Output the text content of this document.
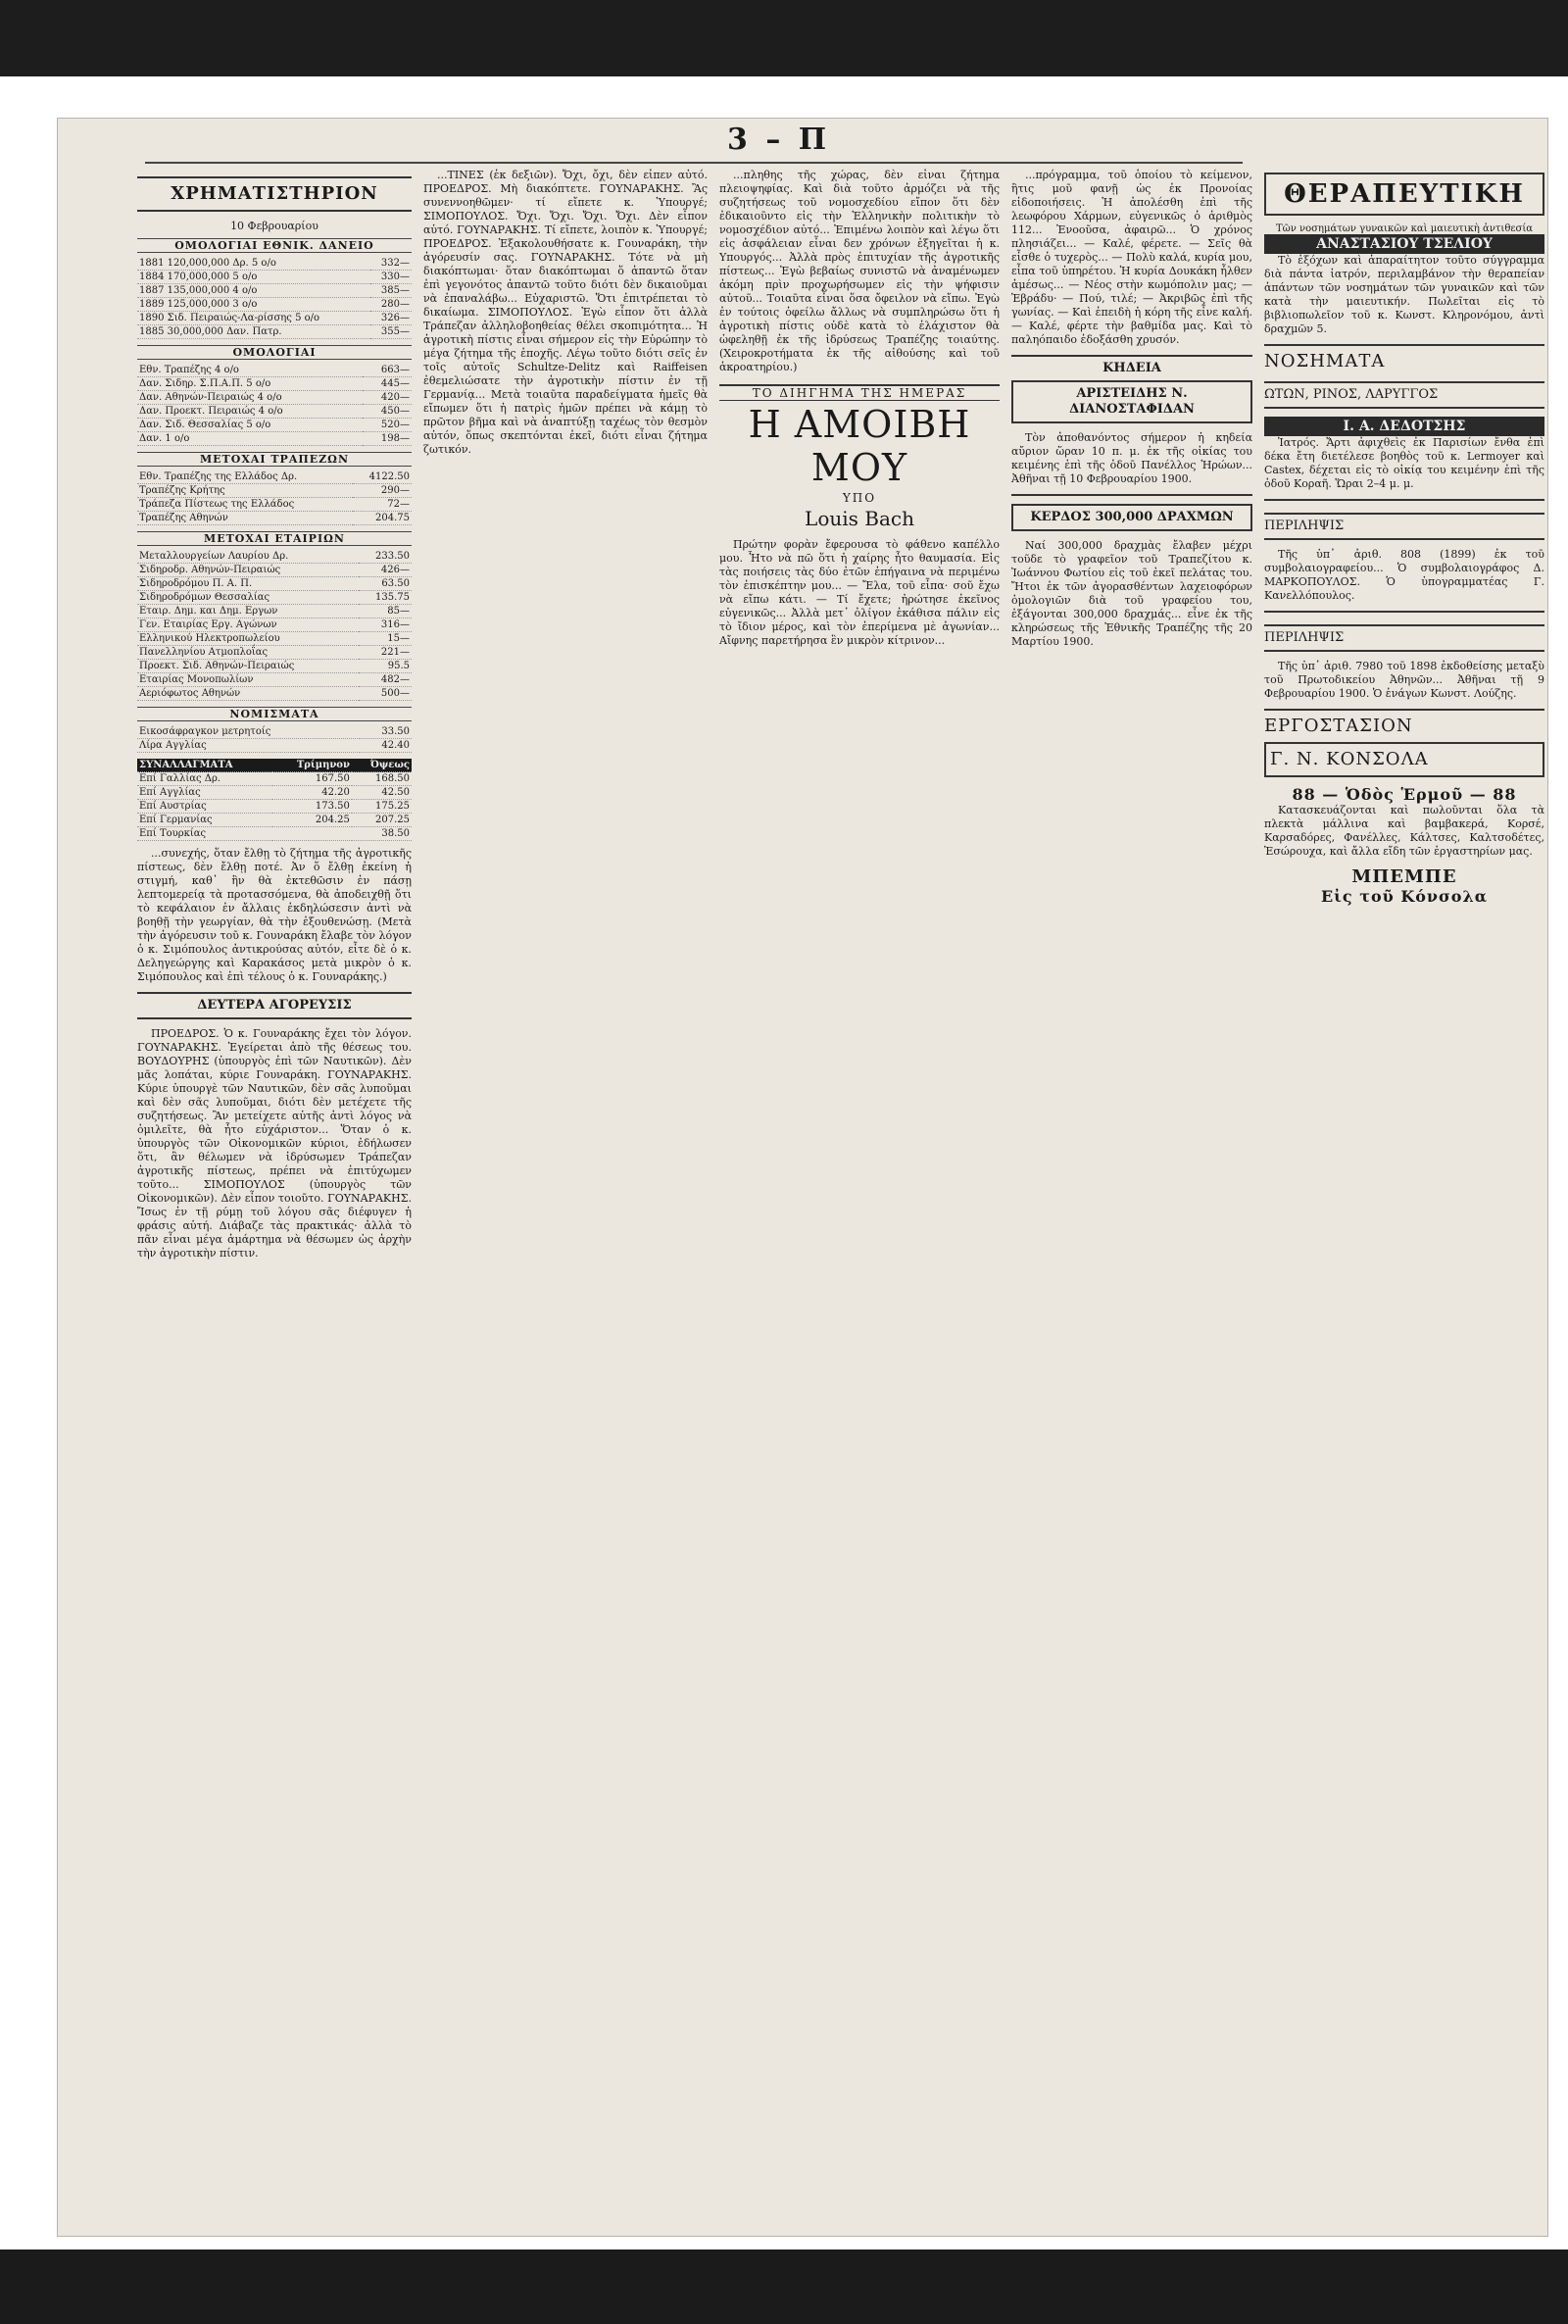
3 – Π
ΧΡΗΜΑΤΙΣΤΗΡΙΟΝ
10 Φεβρουαρίου
ΟΜΟΛΟΓΙΑΙ ΕΘΝΙΚ. ΔΑΝΕΙΟ
1881 120,000,000 Δρ. 5 ο/ο	332—
1884 170,000,000 5 ο/ο	330—
1887 135,000,000 4 ο/ο	385—
1889 125,000,000 3 ο/ο	280—
1890 Σιδ. Πειραιώς-Λα-ρίσσης 5 ο/ο	326—
1885 30,000,000 Δαν. Πατρ.	355—
ΟΜΟΛΟΓΙΑΙ
Εθν. Τραπέζης 4 ο/ο	663—
Δαν. Σιδηρ. Σ.Π.Α.Π. 5 ο/ο	445—
Δαν. Αθηνών-Πειραιώς 4 ο/ο	420—
Δαν. Προεκτ. Πειραιώς 4 ο/ο	450—
Δαν. Σιδ. Θεσσαλίας 5 ο/ο	520—
Δαν. 1 ο/ο	198—
ΜΕΤΟΧΑΙ ΤΡΑΠΕΖΩΝ
Εθν. Τραπέζης της Ελλάδος Δρ.	4122.50
Τραπέζης Κρήτης	290—
Τράπεζα Πίστεως της Ελλάδος	72—
Τραπέζης Αθηνών	204.75
ΜΕΤΟΧΑΙ ΕΤΑΙΡΙΩΝ
Μεταλλουργείων Λαυρίου Δρ.	233.50
Σιδηροδρ. Αθηνών-Πειραιώς	426—
Σιδηροδρόμου Π. Α. Π.	63.50
Σιδηροδρόμων Θεσσαλίας	135.75
Εταιρ. Δημ. και Δημ. Εργων	85—
Γεν. Εταιρίας Εργ. Αγώνων	316—
Ελληνικού Ηλεκτροπωλείου	15—
Πανελληνίου Ατμοπλοΐας	221—
Προεκτ. Σιδ. Αθηνών-Πειραιώς	95.5
Εταιρίας Μονοπωλίων	482—
Αεριόφωτος Αθηνών	500—
ΝΟΜΙΣΜΑΤΑ
Εικοσάφραγκον μετρητοίς	33.50
Λίρα Αγγλίας	42.40
ΣΥΝΑΛΛΑΓΜΑΤΑ	Τρίμηνον	Όψεως
Επί Γαλλίας Δρ.	167.50	168.50
Επί Αγγλίας	42.20	42.50
Επί Αυστρίας	173.50	175.25
Επί Γερμανίας	204.25	207.25
Επί Τουρκίας		38.50

...συνεχής, ὅταν ἔλθῃ τὸ ζήτημα τῆς ἀγροτικῆς πίστεως, δὲν ἔλθῃ ποτέ. Ἀν ὅ ἔλθῃ ἐκείνη ἡ στιγμή, καθ᾽ ἣν θὰ ἐκτεθῶσιν ἐν πάσῃ λεπτομερείᾳ τὰ προτασσόμενα, θὰ ἀποδειχθῇ ὅτι τὸ κεφάλαιον ἐν ἄλλαις ἐκδηλώσεσιν ἀντὶ νὰ βοηθῇ τὴν γεωργίαν, θὰ τὴν ἐξουθενώσῃ. (Μετὰ τὴν ἀγόρευσιν τοῦ κ. Γουναράκη ἔλαβε τὸν λόγον ὁ κ. Σιμόπουλος ἀντικρούσας αὐτόν, εἶτε δὲ ὁ κ. Δεληγεώργης καὶ Καρακάσος μετὰ μικρὸν ὁ κ. Σιμόπουλος καὶ ἐπὶ τέλους ὁ κ. Γουναράκης.)

ΔΕΥΤΕΡΑ ΑΓΟΡΕΥΣΙΣ

ΠΡΟΕΔΡΟΣ. Ὁ κ. Γουναράκης ἔχει τὸν λόγον. ΓΟΥΝΑΡΑΚΗΣ. Ἐγείρεται ἀπὸ τῆς θέσεως του. ΒΟΥΔΟΥΡΗΣ (ὑπουργὸς ἐπὶ τῶν Ναυτικῶν). Δὲν μᾶς λοπάται, κύριε Γουναράκη. ΓΟΥΝΑΡΑΚΗΣ. Κύριε ὑπουργὲ τῶν Ναυτικῶν, δὲν σᾶς λυποῦμαι καὶ δὲν σᾶς λυποῦμαι, διότι δὲν μετέχετε τῆς συζητήσεως. Ἂν μετείχετε αὐτῆς ἀντὶ λόγος νὰ ὁμιλεῖτε, θὰ ἦτο εὐχάριστον... Ὅταν ὁ κ. ὑπουργὸς τῶν Οἰκονομικῶν κύριοι, ἐδήλωσεν ὅτι, ἂν θέλωμεν νὰ ἰδρύσωμεν Τράπεζαν ἀγροτικῆς πίστεως, πρέπει νὰ ἐπιτύχωμεν τοῦτο... ΣΙΜΟΠΟΥΛΟΣ (ὑπουργὸς τῶν Οἰκονομικῶν). Δὲν εἶπον τοιοῦτο. ΓΟΥΝΑΡΑΚΗΣ. Ἴσως ἐν τῇ ρύμῃ τοῦ λόγου σᾶς διέφυγεν ἡ φράσις αὐτή. Διάβαζε τὰς πρακτικάς· ἀλλὰ τὸ πᾶν εἶναι μέγα ἀμάρτημα νὰ θέσωμεν ὡς ἀρχὴν τὴν ἀγροτικὴν πίστιν.

...ΤΙΝΕΣ (ἐκ δεξιῶν). Ὄχι, ὄχι, δὲν εἶπεν αὐτό. ΠΡΟΕΔΡΟΣ. Μὴ διακόπτετε. ΓΟΥΝΑΡΑΚΗΣ. Ἂς συνεννοηθῶμεν· τί εἴπετε κ. Ὑπουργέ; ΣΙΜΟΠΟΥΛΟΣ. Ὄχι. Ὄχι. Ὄχι. Ὄχι. Δὲν εἶπον αὐτό. ΓΟΥΝΑΡΑΚΗΣ. Τί εἴπετε, λοιπὸν κ. Ὑπουργέ; ΠΡΟΕΔΡΟΣ. Ἐξακολουθήσατε κ. Γουναράκη, τὴν ἀγόρευσίν σας. ΓΟΥΝΑΡΑΚΗΣ. Τότε νὰ μὴ διακόπτωμαι· ὅταν διακόπτωμαι ὅ ἀπαντῶ ὅταν ἐπὶ γεγονότος ἀπαντῶ τοῦτο διότι δὲν δικαιοῦμαι νὰ ἐπαναλάβω... Εὐχαριστῶ. Ὅτι ἐπιτρέπεται τὸ δικαίωμα. ΣΙΜΟΠΟΥΛΟΣ. Ἐγὼ εἶπον ὅτι ἀλλὰ Τράπεζαν ἀλληλοβοηθείας θέλει σκοπιμότητα... Ἡ ἀγροτικὴ πίστις εἶναι σήμερον εἰς τὴν Εὐρώπην τὸ μέγα ζήτημα τῆς ἐποχῆς. Λέγω τοῦτο διότι σεῖς ἐν τοῖς αὐτοῖς Schultze-Delitz καὶ Raiffeisen ἐθεμελιώσατε τὴν ἀγροτικὴν πίστιν ἐν τῇ Γερμανίᾳ... Μετὰ τοιαῦτα παραδείγματα ἡμεῖς θὰ εἴπωμεν ὅτι ἡ πατρὶς ἡμῶν πρέπει νὰ κάμῃ τὸ πρῶτον βῆμα καὶ νὰ ἀναπτύξῃ ταχέως τὸν θεσμὸν αὐτόν, ὅπως σκεπτόνται ἐκεῖ, διότι εἶναι ζήτημα ζωτικόν.

...πληθης τῆς χώρας, δὲν εἶναι ζήτημα πλειοψηφίας. Καὶ διὰ τοῦτο ἀρμόζει νὰ τῆς συζητήσεως τοῦ νομοσχεδίου εἴπον ὅτι δὲν ἐδικαιοῦντο εἰς τὴν Ἑλληνικὴν πολιτικὴν τὸ νομοσχέδιον αὐτό... Ἐπιμένω λοιπὸν καὶ λέγω ὅτι εἰς ἀσφάλειαν εἶναι δεν χρόνων ἐξηγεῖται ἡ κ. Υπουργός... Ἀλλὰ πρὸς ἐπιτυχίαν τῆς ἀγροτικῆς πίστεως... Ἐγὼ βεβαίως συνιστῶ νὰ ἀναμένωμεν ἀκόμη πρὶν προχωρήσωμεν εἰς τὴν ψήφισιν αὐτοῦ... Τοιαῦτα εἶναι ὅσα ὄφειλον νὰ εἴπω. Ἐγὼ ἐν τούτοις ὀφείλω ἄλλως νὰ συμπληρώσω ὅτι ἡ ἀγροτικὴ πίστις οὐδὲ κατὰ τὸ ἐλάχιστον θὰ ὠφεληθῇ ἐκ τῆς ἰδρύσεως Τραπέζης τοιαύτης. (Χειροκροτήματα ἐκ τῆς αἰθούσης καὶ τοῦ ἀκροατηρίου.)

ΤΟ ΔΙΗΓΗΜΑ ΤΗΣ ΗΜΕΡΑΣ
Η ΑΜΟΙΒΗ ΜΟΥ
ΥΠΟ
Louis Bach

Πρώτην φορὰν ἔφερουσα τὸ φάθενο καπέλλο μου. Ἦτο νὰ πῶ ὅτι ἡ χαίρης ἦτο θαυμασία. Εἰς τὰς ποιήσεις τὰς δύο ἐτῶν ἐπήγαινα νὰ περιμένω τὸν ἐπισκέπτην μου... — Ἔλα, τοῦ εἶπα· σοῦ ἔχω νὰ εἴπω κάτι. — Τί ἔχετε; ἠρώτησε ἐκεῖνος εὐγενικῶς... Ἀλλὰ μετ᾽ ὀλίγον ἐκάθισα πάλιν εἰς τὸ ἴδιον μέρος, καὶ τὸν ἐπερίμενα μὲ ἀγωνίαν... Αἴφνης παρετήρησα ἓν μικρὸν κίτρινον...

...πρόγραμμα, τοῦ ὁποίου τὸ κείμενον, ἣτις μοῦ φανῇ ὡς ἐκ Προνοίας εἰδοποιήσεις. Ἡ ἀπολέσθη ἐπὶ τῆς λεωφόρου Χάρμων, εὐγενικῶς ὁ ἀριθμὸς 112... Ἐνοοῦσα, ἀφαιρῶ... Ὁ χρόνος πλησιάζει... — Καλέ, φέρετε. — Σεῖς θὰ εἶσθε ὁ τυχερὸς... — Πολὺ καλά, κυρία μου, εἶπα τοῦ ὑπηρέτου. Ἡ κυρία Δουκάκη ἦλθεν ἀμέσως... — Νέος στὴν κωμόπολιν μας; — Ἐβράδυ· — Πού, τιλέ; — Ἀκριβῶς ἐπὶ τῆς γωνίας. — Καὶ ἐπειδὴ ἡ κόρη τῆς εἶνε καλή. — Καλέ, φέρτε τὴν βαθμίδα μας. Καὶ τὸ παληόπαιδο ἐδοξάσθη χρυσόν.

ΚΗΔΕΙΑ
ΑΡΙΣΤΕΙΔΗΣ Ν. ΔΙΑΝΟΣΤΑΦΙΔΑΝ

Τὸν ἀποθανόντος σήμερον ἡ κηδεία αὔριον ὥραν 10 π. μ. ἐκ τῆς οἰκίας του κειμένης ἐπὶ τῆς ὁδοῦ Πανέλλος Ἡρώων... Ἀθῆναι τῇ 10 Φεβρουαρίου 1900.

ΚΕΡΔΟΣ 300,000 ΔΡΑΧΜΩΝ

Ναί 300,000 δραχμὰς ἔλαβεν μέχρι τοῦδε τὸ γραφεῖον τοῦ Τραπεζίτου κ. Ἰωάννου Φωτίου εἰς τοῦ ἐκεῖ πελάτας του. Ἤτοι ἐκ τῶν ἀγορασθέντων λαχειοφόρων ὁμολογιῶν διὰ τοῦ γραφείου του, ἐξάγονται 300,000 δραχμάς... εἶνε ἐκ τῆς κληρώσεως τῆς Ἐθνικῆς Τραπέζης τῆς 20 Μαρτίου 1900.

ΘΕΡΑΠΕΥΤΙΚΗ
Τῶν νοσημάτων γυναικῶν καὶ μαιευτικὴ ἀντιθεσία
ΑΝΑΣΤΑΣΙΟΥ ΤΣΕΛΙΟΥ

Τὸ ἐξόχων καὶ ἀπαραίτητον τοῦτο σύγγραμμα διὰ πάντα ἰατρόν, περιλαμβάνον τὴν θεραπείαν ἁπάντων τῶν νοσημάτων τῶν γυναικῶν καὶ τῶν κατὰ τὴν μαιευτικήν. Πωλεῖται εἰς τὸ βιβλιοπωλεῖον τοῦ κ. Κωνστ. Κληρονόμου, ἀντὶ δραχμῶν 5.

ΝΟΣΗΜΑΤΑ
ΩΤΩΝ, ΡΙΝΟΣ, ΛΑΡΥΓΓΟΣ
Ι. Α. ΔΕΔΟΤΣΗΣ

Ἰατρός. Ἄρτι ἀφιχθεὶς ἐκ Παρισίων ἔνθα ἐπὶ δέκα ἔτη διετέλεσε βοηθὸς τοῦ κ. Lermoyer καὶ Castex, δέχεται εἰς τὸ οἰκίᾳ του κειμένην ἐπὶ τῆς ὁδοῦ Κοραῆ. Ὥραι 2–4 μ. μ.

ΠΕΡΙΛΗΨΙΣ

Τῆς ὑπ᾽ ἀριθ. 808 (1899) ἐκ τοῦ συμβολαιογραφείου... Ὁ συμβολαιογράφος Δ. ΜΑΡΚΟΠΟΥΛΟΣ. Ὁ ὑπογραμματέας Γ. Κανελλόπουλος.

ΠΕΡΙΛΗΨΙΣ

Τῆς ὑπ᾽ ἀριθ. 7980 τοῦ 1898 ἐκδοθείσης μεταξὺ τοῦ Πρωτοδικείου Ἀθηνῶν... Ἀθῆναι τῇ 9 Φεβρουαρίου 1900. Ὁ ἐνάγων Κωνστ. Λούζης.

ΕΡΓΟΣΤΑΣΙΟΝ
Γ. Ν. ΚΟΝΣΟΛΑ
88 — Ὁδὸς Ἑρμοῦ — 88

Κατασκευάζονται καὶ πωλοῦνται ὅλα τὰ πλεκτὰ μάλλινα καὶ βαμβακερά, Κορσέ, Καρσαδόρες, Φανέλλες, Κάλτσες, Καλτσοδέτες, Ἐσώρουχα, καὶ ἄλλα εἴδη τῶν ἐργαστηρίων μας.

ΜΠΕΜΠΕ
Εἰς τοῦ Κόνσολα
